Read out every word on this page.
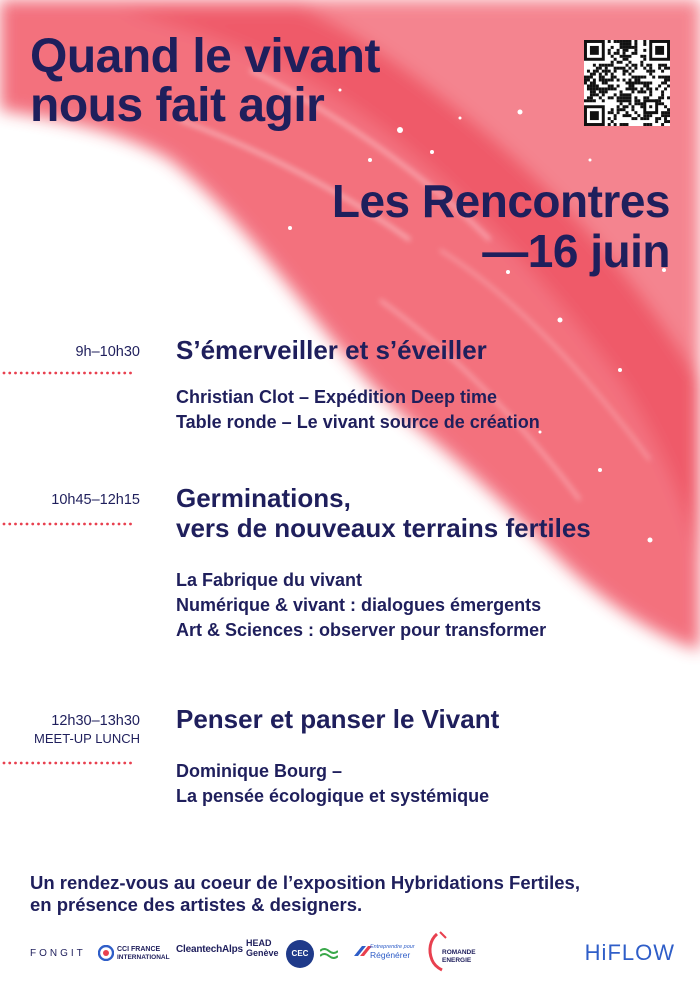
Quand le vivant
nous fait agir
Les Rencontres
—16 juin
9h–10h30 S’émerveiller et s’éveiller
Christian Clot – Expédition Deep time
Table ronde – Le vivant source de création
10h45–12h15 Germinations,
vers de nouveaux terrains fertiles
La Fabrique du vivant
Numérique & vivant : dialogues émergents
Art & Sciences : observer pour transformer
12h30–13h30
MEET-UP LUNCH
Penser et panser le Vivant
Dominique Bourg –
La pensée écologique et systémique
Un rendez-vous au coeur de l’exposition Hybridations Fertiles,
en présence des artistes & designers.
FONGIT	CCI FRANCE
INTERNATIONAL
CleantechAlps
HEAD
Genève	CEC
Entreprendre pour
Régénérer	ROMANDE
ENERGIE	HiFLOW
